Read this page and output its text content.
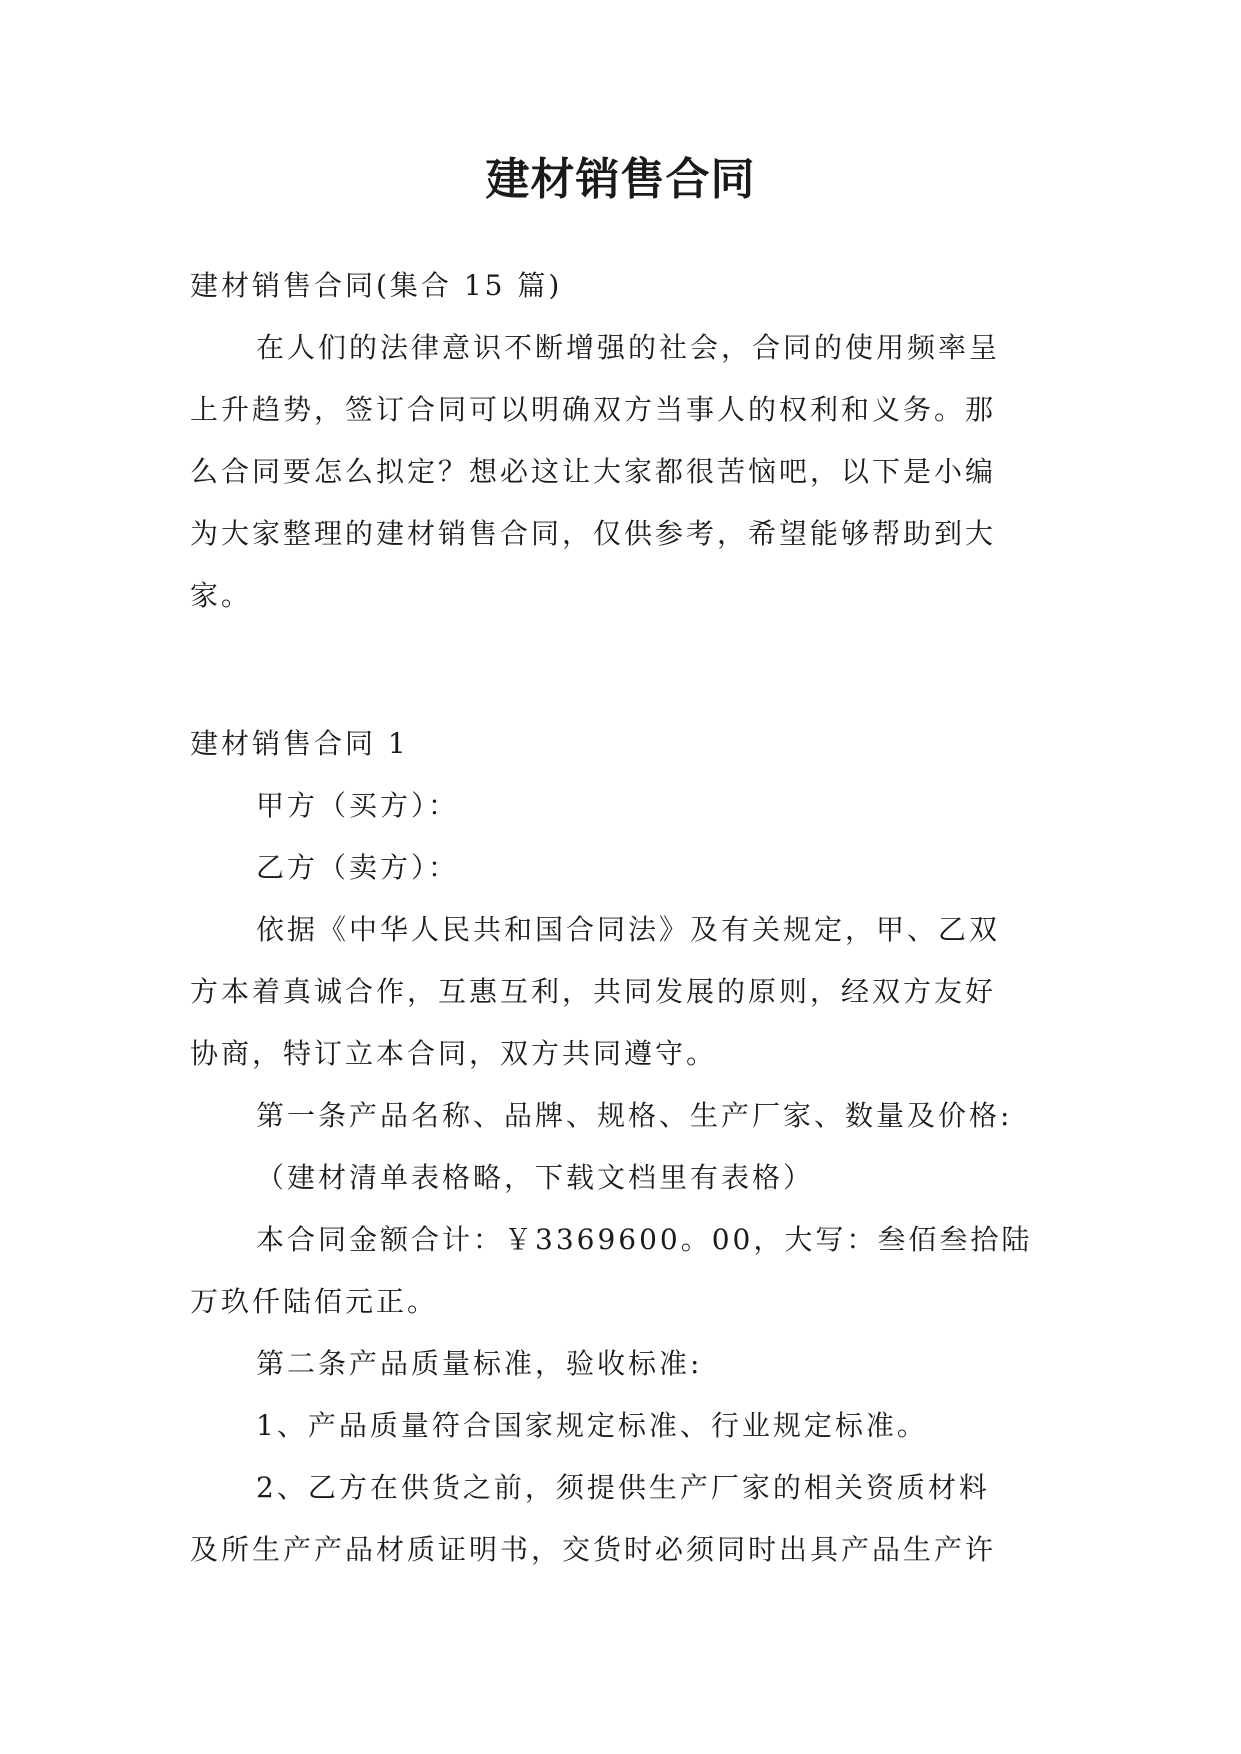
建材销售合同
建材销售合同(集合 15 篇)
在人们的法律意识不断增强的社会，合同的使用频率呈
上升趋势，签订合同可以明确双方当事人的权利和义务。那
么合同要怎么拟定？想必这让大家都很苦恼吧，以下是小编
为大家整理的建材销售合同，仅供参考，希望能够帮助到大
家。
建材销售合同 1
甲方（买方）：
乙方（卖方）：
依据《中华人民共和国合同法》及有关规定，甲、乙双
方本着真诚合作，互惠互利，共同发展的原则，经双方友好
协商，特订立本合同，双方共同遵守。
第一条产品名称、品牌、规格、生产厂家、数量及价格:
（建材清单表格略，下载文档里有表格）
本合同金额合计：￥3369600。00，大写：叁佰叁拾陆
万玖仟陆佰元正。
第二条产品质量标准，验收标准:
1、产品质量符合国家规定标准、行业规定标准。
2、乙方在供货之前，须提供生产厂家的相关资质材料
及所生产产品材质证明书，交货时必须同时出具产品生产许
